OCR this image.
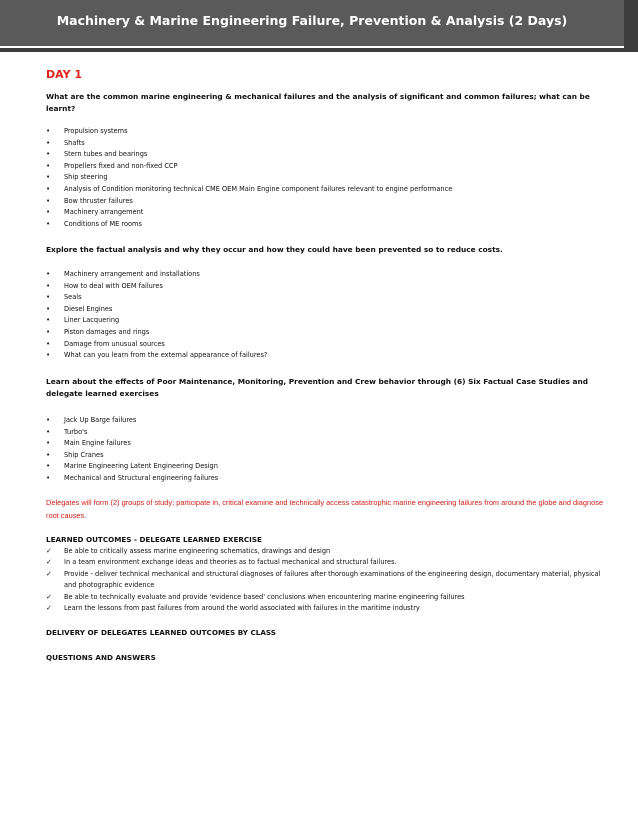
Machinery & Marine Engineering Failure, Prevention & Analysis (2 Days)
DAY 1
What are the common marine engineering & mechanical failures and the analysis of significant and common failures; what can be learnt?
• Propulsion systems
• Shafts
• Stern tubes and bearings
• Propellers fixed and non-fixed CCP
• Ship steering
• Analysis of Condition monitoring technical CME OEM Main Engine component failures relevant to engine performance
• Bow thruster failures
• Machinery arrangement
• Conditions of ME rooms
Explore the factual analysis and why they occur and how they could have been prevented so to reduce costs.
• Machinery arrangement and installations
• How to deal with OEM failures
• Seals
• Diesel Engines
• Liner Lacquering
• Piston damages and rings
• Damage from unusual sources
• What can you learn from the external appearance of failures?
Learn about the effects of Poor Maintenance, Monitoring, Prevention and Crew behavior through (6) Six Factual Case Studies and delegate learned exercises
• Jack Up Barge failures
• Turbo's
• Main Engine failures
• Ship Cranes
• Marine Engineering Latent Engineering Design
• Mechanical and Structural engineering failures
Delegates will form (2) groups of study; participate in, critical examine and technically access catastrophic marine engineering failures from around the globe and diagnose root causes.
LEARNED OUTCOMES - DELEGATE LEARNED EXERCISE
✓ Be able to critically assess marine engineering schematics, drawings and design
✓ In a team environment exchange ideas and theories as to factual mechanical and structural failures.
✓ Provide - deliver technical mechanical and structural diagnoses of failures after thorough examinations of the engineering design, documentary material, physical and photographic evidence
✓ Be able to technically evaluate and provide 'evidence based' conclusions when encountering marine engineering failures
✓ Learn the lessons from past failures from around the world associated with failures in the maritime industry
DELIVERY OF DELEGATES LEARNED OUTCOMES BY CLASS
QUESTIONS AND ANSWERS
